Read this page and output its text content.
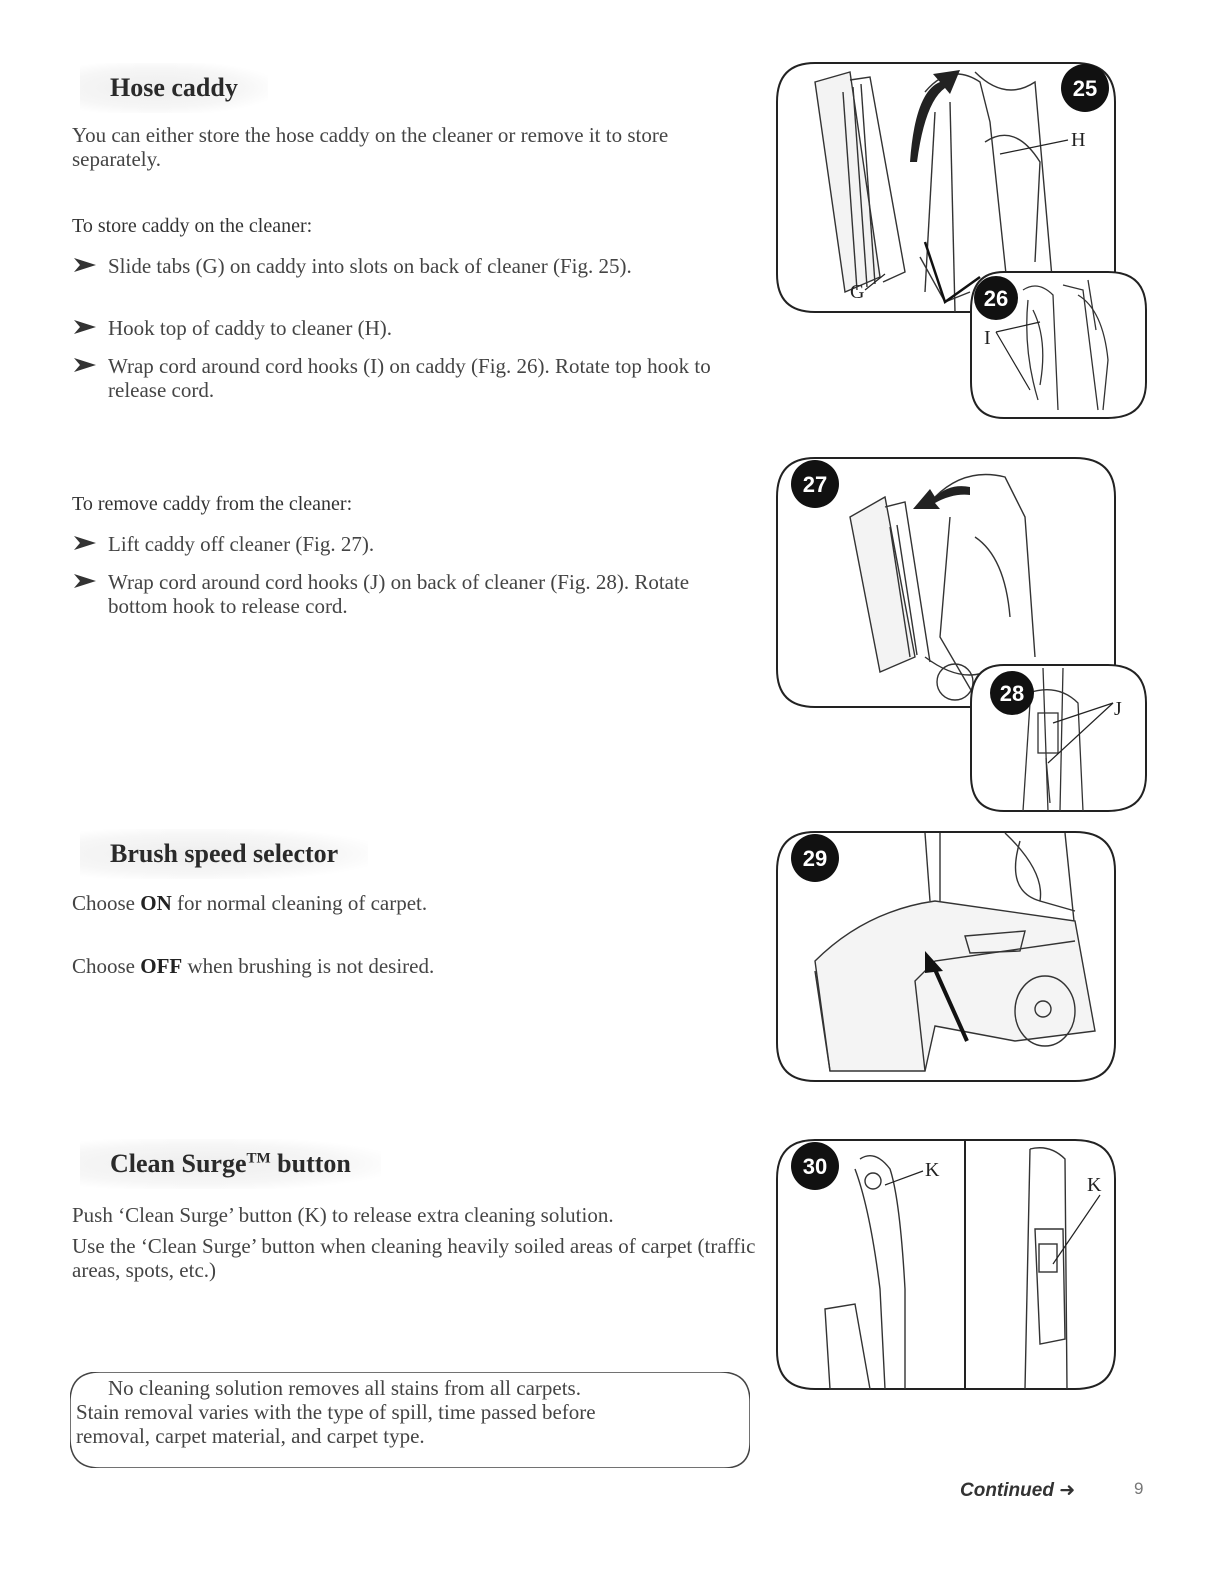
Hose caddy
You can either store the hose caddy on the cleaner or remove it to store separately.
To store caddy on the cleaner:
Slide tabs (G) on caddy into slots on back of cleaner (Fig. 25).
Hook top of caddy to cleaner (H).
Wrap cord around cord hooks (I) on caddy (Fig. 26). Rotate top hook to release cord.
To remove caddy from the cleaner:
Lift caddy off cleaner (Fig. 27).
Wrap cord around cord hooks (J) on back of cleaner (Fig. 28). Rotate bottom hook to release cord.
Brush speed selector
Choose ON for normal cleaning of carpet.
Choose OFF when brushing is not desired.
Clean Surge™ button
Push ‘Clean Surge’ button (K) to release extra cleaning solution.
Use the ‘Clean Surge’ button when cleaning heavily soiled areas of carpet (traffic areas, spots, etc.)
No cleaning solution removes all stains from all carpets.
Stain removal varies with the type of spill, time passed before
removal, carpet material, and carpet type.
25
H
G	26
I
27
28
J
29
30	K
K
Continued ➜	9
